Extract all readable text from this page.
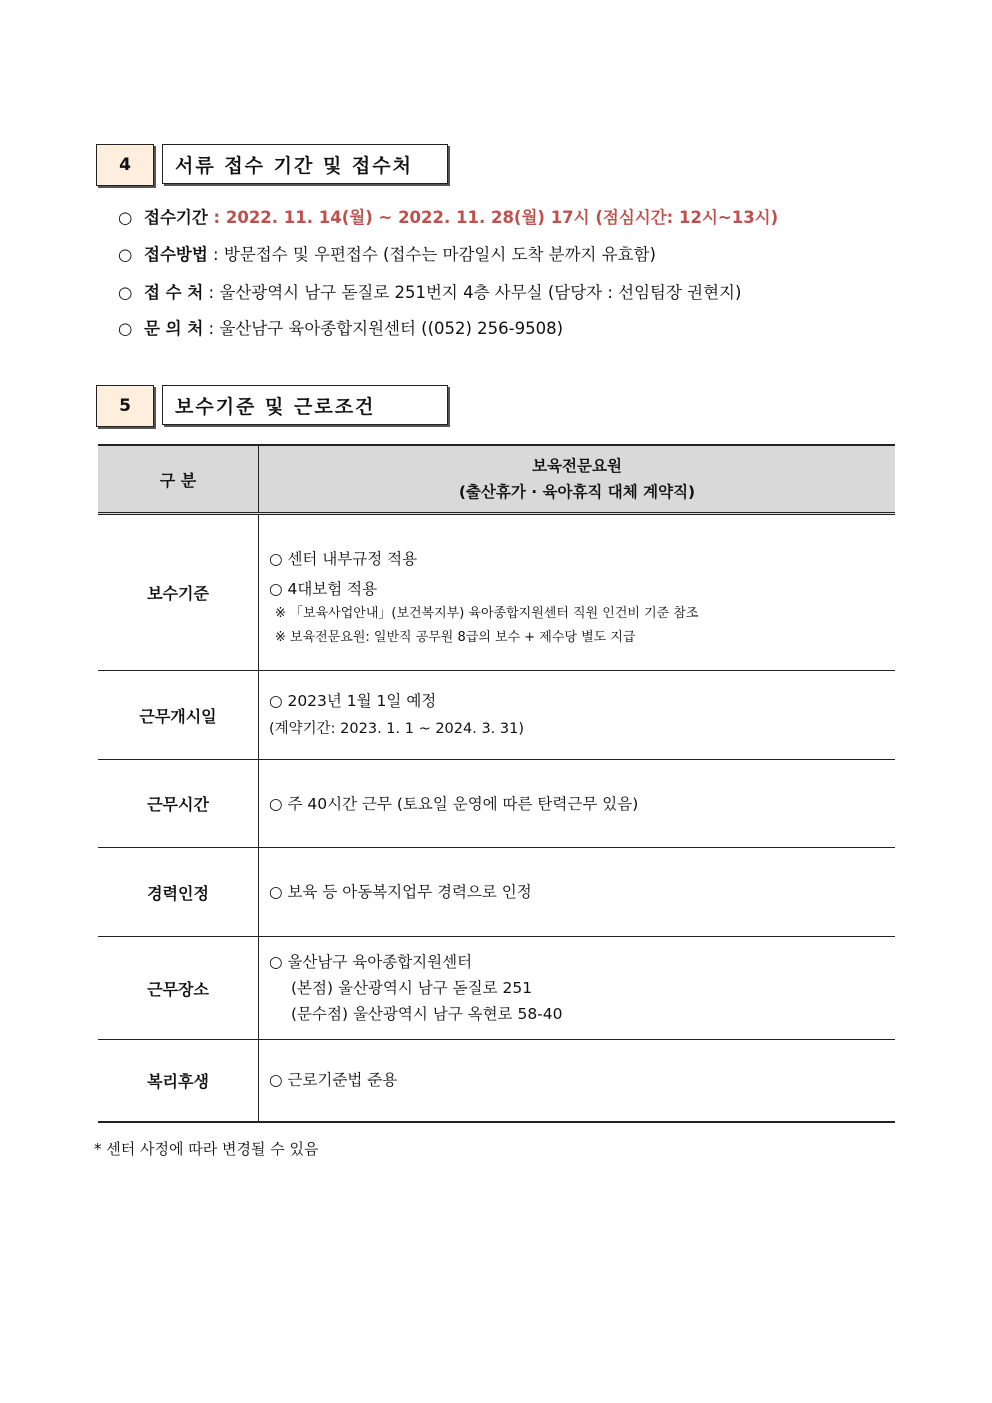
4	서류 접수 기간 및 접수처
○ 접수기간 : 2022. 11. 14(월) ~ 2022. 11. 28(월) 17시 (점심시간: 12시~13시)
○ 접수방법 : 방문접수 및 우편접수 (접수는 마감일시 도착 분까지 유효함)
○ 접 수 처 : 울산광역시 남구 돋질로 251번지 4층 사무실 (담당자 : 선임팀장 권현지)
○ 문 의 처 : 울산남구 육아종합지원센터 ((052) 256-9508)
5	보수기준 및 근로조건
구 분	보육전문요원
(출산휴가 · 육아휴직 대체 계약직)

보수기준	○ 센터 내부규정 적용
○ 4대보험 적용
※ 「보육사업안내」(보건복지부) 육아종합지원센터 직원 인건비 기준 참조
※ 보육전문요원: 일반직 공무원 8급의 보수 + 제수당 별도 지급

근무개시일	○ 2023년 1월 1일 예정
(계약기간: 2023. 1. 1 ~ 2024. 3. 31)

근무시간	○ 주 40시간 근무 (토요일 운영에 따른 탄력근무 있음)

경력인정	○ 보육 등 아동복지업무 경력으로 인정

근무장소	○ 울산남구 육아종합지원센터
(본점) 울산광역시 남구 돋질로 251
(문수점) 울산광역시 남구 옥현로 58-40

복리후생	○ 근로기준법 준용
* 센터 사정에 따라 변경될 수 있음
